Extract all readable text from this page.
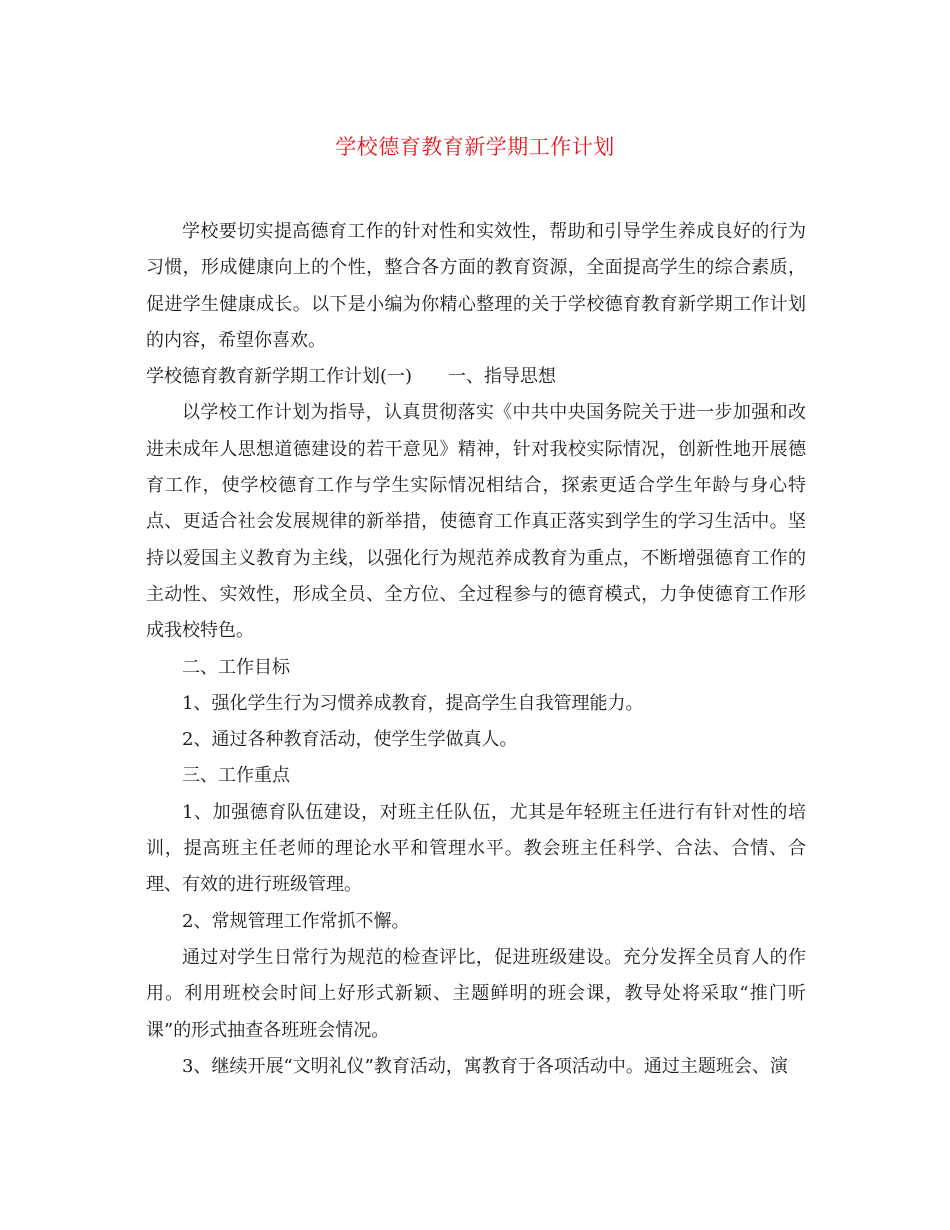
学校德育教育新学期工作计划

学校要切实提高德育工作的针对性和实效性，帮助和引导学生养成良好的行为习惯，形成健康向上的个性，整合各方面的教育资源，全面提高学生的综合素质，促进学生健康成长。以下是小编为你精心整理的关于学校德育教育新学期工作计划的内容，希望你喜欢。

学校德育教育新学期工作计划(一) 一、指导思想

以学校工作计划为指导，认真贯彻落实《中共中央国务院关于进一步加强和改进未成年人思想道德建设的若干意见》精神，针对我校实际情况，创新性地开展德育工作，使学校德育工作与学生实际情况相结合，探索更适合学生年龄与身心特点、更适合社会发展规律的新举措，使德育工作真正落实到学生的学习生活中。坚持以爱国主义教育为主线，以强化行为规范养成教育为重点，不断增强德育工作的主动性、实效性，形成全员、全方位、全过程参与的德育模式，力争使德育工作形成我校特色。

二、工作目标

1、强化学生行为习惯养成教育，提高学生自我管理能力。

2、通过各种教育活动，使学生学做真人。

三、工作重点

1、加强德育队伍建设，对班主任队伍，尤其是年轻班主任进行有针对性的培训，提高班主任老师的理论水平和管理水平。教会班主任科学、合法、合情、合理、有效的进行班级管理。

2、常规管理工作常抓不懈。

通过对学生日常行为规范的检查评比，促进班级建设。充分发挥全员育人的作用。利用班校会时间上好形式新颖、主题鲜明的班会课，教导处将采取“推门听课”的形式抽查各班班会情况。

3、继续开展“文明礼仪”教育活动，寓教育于各项活动中。通过主题班会、演
